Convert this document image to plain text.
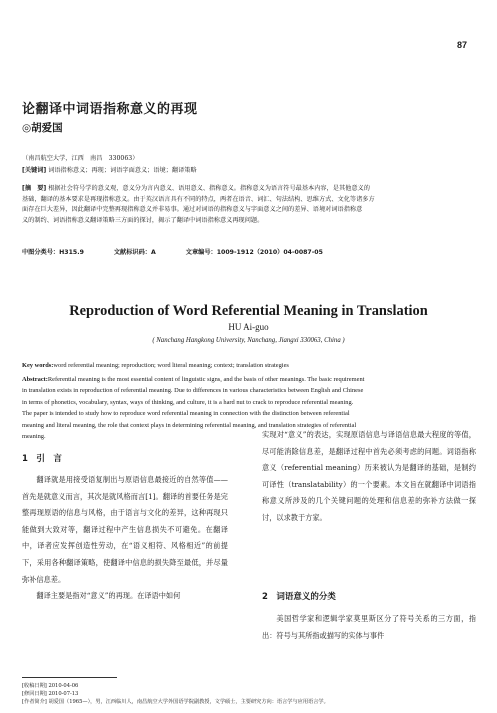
87
论翻译中词语指称意义的再现
◎胡爱国
（南昌航空大学，江西　南昌　330063）
[关键词] 词语指称意义；再现；词语字面意义；语境；翻译策略
[摘　要] 根据社会符号学的意义观，意义分为言内意义、语用意义、指称意义。指称意义为语言符号最基本内容，是其他意义的
基础，翻译的基本要求是再现指称意义。由于英汉语言具有不同的特点，两者在语音、词汇、句法结构、思维方式、文化等诸多方
面存在巨大差异，因此翻译中完整再现指称意义并非易事。通过对词语的指称意义与字面意义之间的差异、语境对词语指称意
义的制约、词语指称意义翻译策略三方面的探讨，揭示了翻译中词语指称意义再现问题。
中图分类号：H315.9	文献标识码：A	文章编号：1009-1912（2010）04-0087-05
Reproduction of Word Referential Meaning in Translation
HU Ai-guo
( Nanchang Hangkong University, Nanchang, Jiangxi 330063, China )
Key words:word referential meaning; reproduction; word literal meaning; context; translation strategies
Abstract:Referential meaning is the most essential content of linguistic signs, and the basis of other meanings. The basic requirement
in translation exists in reproduction of referential meaning. Due to differences in various characteristics between English and Chinese
in terms of phonetics, vocabulary, syntax, ways of thinking, and culture, it is a hard nut to crack to reproduce referential meaning.
The paper is intended to study how to reproduce word referential meaning in connection with the distinction between referential
meaning and literal meaning, the role that context plays in determining referential meaning, and translation strategies of referential
meaning.
1　引　言

翻译就是用接受语复制出与原语信息最接近的自然等值——首先是就意义而言，其次是就风格而言[1]。翻译的首要任务是完整再现原语的信息与风格，由于语言与文化的差异，这种再现只能做到大致对等，翻译过程中产生信息损失不可避免。在翻译中，译者应发挥创造性劳动，在“语义相符、风格相近”的前提下，采用各种翻译策略，使翻译中信息的损失降至最低，并尽量弥补信息差。

翻译主要是指对“意义”的再现。在译语中如何

实现对“意义”的表达，实现原语信息与译语信息最大程度的等值，尽可能消除信息差，是翻译过程中首先必须考虑的问题。词语指称意义（referential meaning）历来被认为是翻译的基础，是制约可译性（translatability）的一个要素。本文旨在就翻译中词语指称意义所涉及的几个关键问题的处理和信息差的弥补方法做一探讨，以求教于方家。

2　词语意义的分类

美国哲学家和逻辑学家莫里斯区分了符号关系的三方面，指出：符号与其所指或描写的实体与事件

[收稿日期] 2010-04-06
[修回日期] 2010-07-13
[作者简介] 胡爱国（1965—），男，江西临川人，南昌航空大学外国语学院副教授，文学硕士，主要研究方向：语言学与应用语言学。
